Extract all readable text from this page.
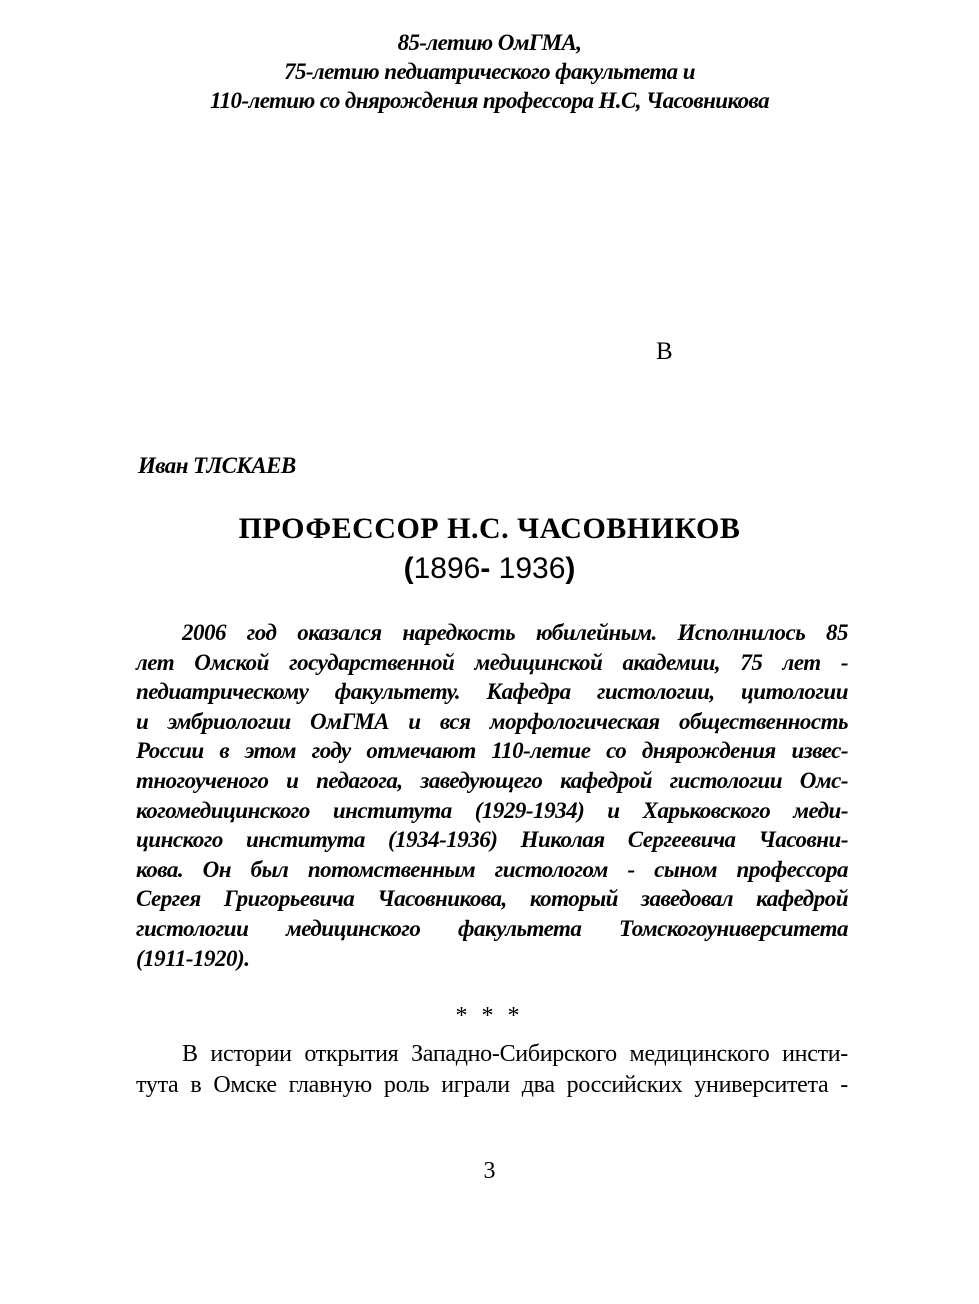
85-летию ОмГМА,
75-летию педиатрического факультета и
110-летию со днярождения профессора Н.С, Часовникова
В
Иван ТЛСКАЕВ
ПРОФЕССОР Н.С. ЧАСОВНИКОВ
(1896- 1936)
2006 год оказался наредкость юбилейным. Исполнилось 85
лет Омской государственной медицинской академии, 75 лет -
педиатрическому факультету. Кафедра гистологии, цитологии
и эмбриологии ОмГМА и вся морфологическая общественность
России в этом году отмечают 110-летие со днярождения извес-
тногоученого и педагога, заведующего кафедрой гистологии Омс-
когомедицинского института (1929-1934) и Харьковского меди-
цинского института (1934-1936) Николая Сергеевича Часовни-
кова. Он был потомственным гистологом - сыном профессора
Сергея Григорьевича Часовникова, который заведовал кафедрой
гистологии медицинского факультета Томскогоуниверситета
(1911-1920).
* * *
В истории открытия Западно-Сибирского медицинского инсти-
тута в Омске главную роль играли два российских университета -
3
